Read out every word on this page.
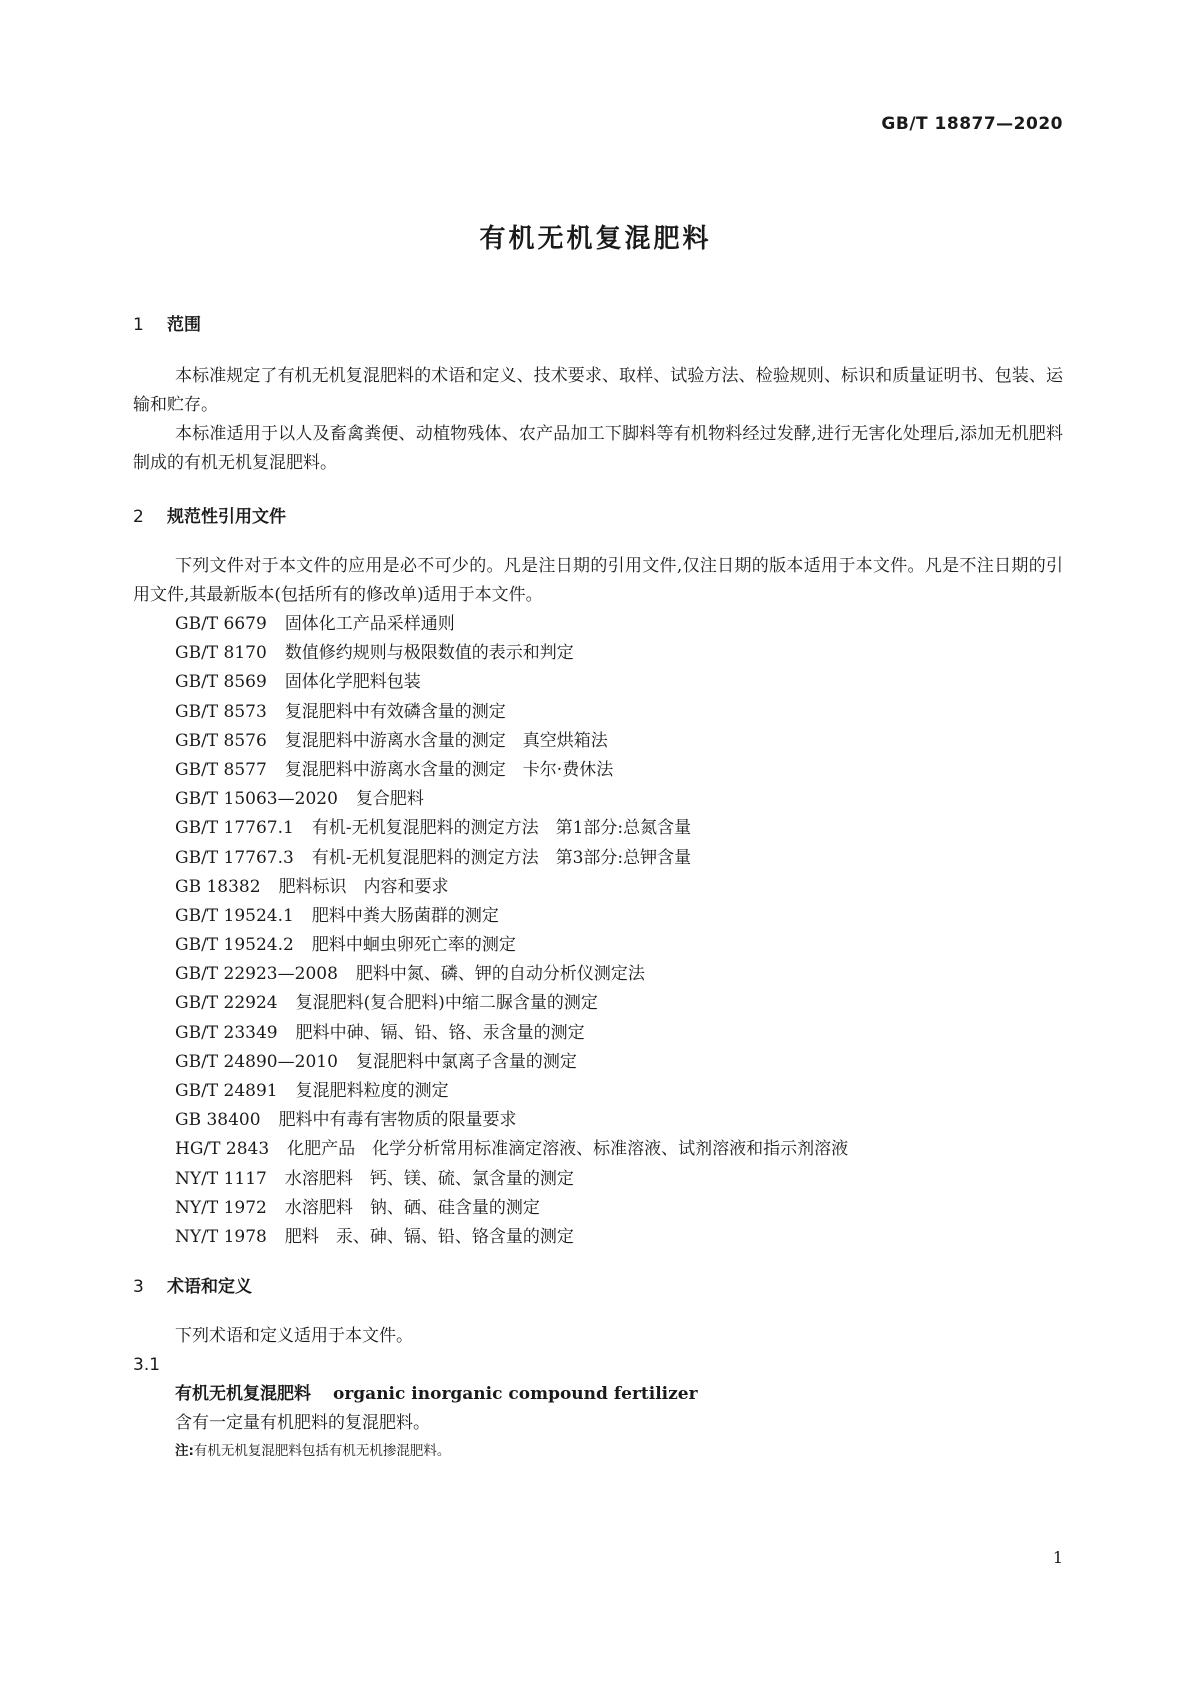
GB/T 18877—2020
有机无机复混肥料
1 范围
本标准规定了有机无机复混肥料的术语和定义、技术要求、取样、试验方法、检验规则、标识和质量证明书、包装、运输和贮存。
本标准适用于以人及畜禽粪便、动植物残体、农产品加工下脚料等有机物料经过发酵,进行无害化处理后,添加无机肥料制成的有机无机复混肥料。
2 规范性引用文件
下列文件对于本文件的应用是必不可少的。凡是注日期的引用文件,仅注日期的版本适用于本文件。凡是不注日期的引用文件,其最新版本(包括所有的修改单)适用于本文件。
GB/T 6679 固体化工产品采样通则
GB/T 8170 数值修约规则与极限数值的表示和判定
GB/T 8569 固体化学肥料包装
GB/T 8573 复混肥料中有效磷含量的测定
GB/T 8576 复混肥料中游离水含量的测定　真空烘箱法
GB/T 8577 复混肥料中游离水含量的测定　卡尔·费休法
GB/T 15063—2020 复合肥料
GB/T 17767.1 有机-无机复混肥料的测定方法　第1部分:总氮含量
GB/T 17767.3 有机-无机复混肥料的测定方法　第3部分:总钾含量
GB 18382 肥料标识　内容和要求
GB/T 19524.1 肥料中粪大肠菌群的测定
GB/T 19524.2 肥料中蛔虫卵死亡率的测定
GB/T 22923—2008 肥料中氮、磷、钾的自动分析仪测定法
GB/T 22924 复混肥料(复合肥料)中缩二脲含量的测定
GB/T 23349 肥料中砷、镉、铅、铬、汞含量的测定
GB/T 24890—2010 复混肥料中氯离子含量的测定
GB/T 24891 复混肥料粒度的测定
GB 38400 肥料中有毒有害物质的限量要求
HG/T 2843 化肥产品　化学分析常用标准滴定溶液、标准溶液、试剂溶液和指示剂溶液
NY/T 1117 水溶肥料　钙、镁、硫、氯含量的测定
NY/T 1972 水溶肥料　钠、硒、硅含量的测定
NY/T 1978 肥料　汞、砷、镉、铅、铬含量的测定
3 术语和定义
下列术语和定义适用于本文件。
3.1
有机无机复混肥料 organic inorganic compound fertilizer
含有一定量有机肥料的复混肥料。
注:有机无机复混肥料包括有机无机掺混肥料。
1
